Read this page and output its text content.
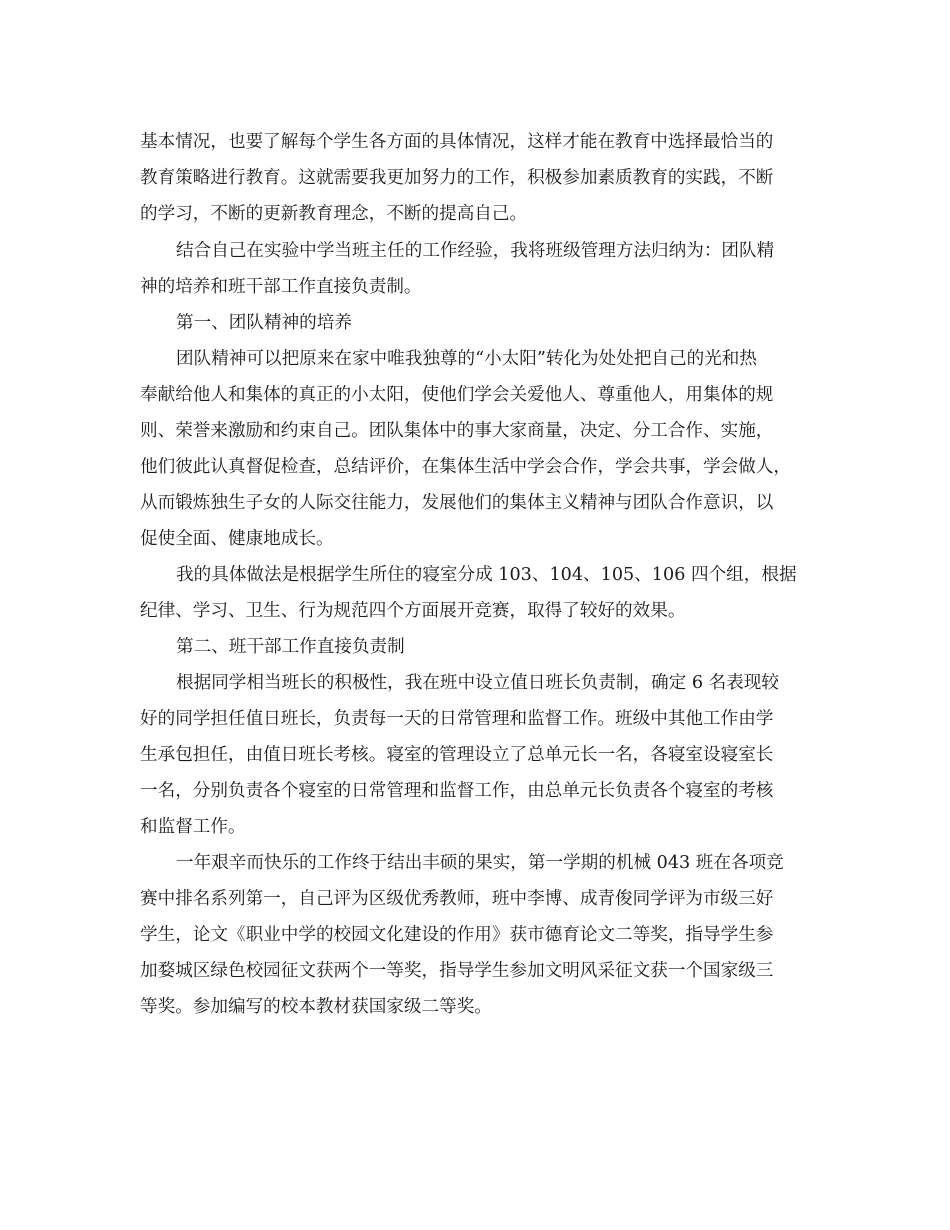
基本情况，也要了解每个学生各方面的具体情况，这样才能在教育中选择最恰当的

教育策略进行教育。这就需要我更加努力的工作，积极参加素质教育的实践，不断

的学习，不断的更新教育理念，不断的提高自己。

结合自己在实验中学当班主任的工作经验，我将班级管理方法归纳为：团队精

神的培养和班干部工作直接负责制。

第一、团队精神的培养

团队精神可以把原来在家中唯我独尊的“小太阳”转化为处处把自己的光和热

奉献给他人和集体的真正的小太阳，使他们学会关爱他人、尊重他人，用集体的规

则、荣誉来激励和约束自己。团队集体中的事大家商量，决定、分工合作、实施，

他们彼此认真督促检查，总结评价，在集体生活中学会合作，学会共事，学会做人，

从而锻炼独生子女的人际交往能力，发展他们的集体主义精神与团队合作意识，以

促使全面、健康地成长。

我的具体做法是根据学生所住的寝室分成 103、104、105、106 四个组，根据

纪律、学习、卫生、行为规范四个方面展开竞赛，取得了较好的效果。

第二、班干部工作直接负责制

根据同学相当班长的积极性，我在班中设立值日班长负责制，确定 6 名表现较

好的同学担任值日班长，负责每一天的日常管理和监督工作。班级中其他工作由学

生承包担任，由值日班长考核。寝室的管理设立了总单元长一名，各寝室设寝室长

一名，分别负责各个寝室的日常管理和监督工作，由总单元长负责各个寝室的考核

和监督工作。

一年艰辛而快乐的工作终于结出丰硕的果实，第一学期的机械 043 班在各项竞

赛中排名系列第一，自己评为区级优秀教师，班中李博、成青俊同学评为市级三好

学生，论文《职业中学的校园文化建设的作用》获市德育论文二等奖，指导学生参

加婺城区绿色校园征文获两个一等奖，指导学生参加文明风采征文获一个国家级三

等奖。参加编写的校本教材获国家级二等奖。
